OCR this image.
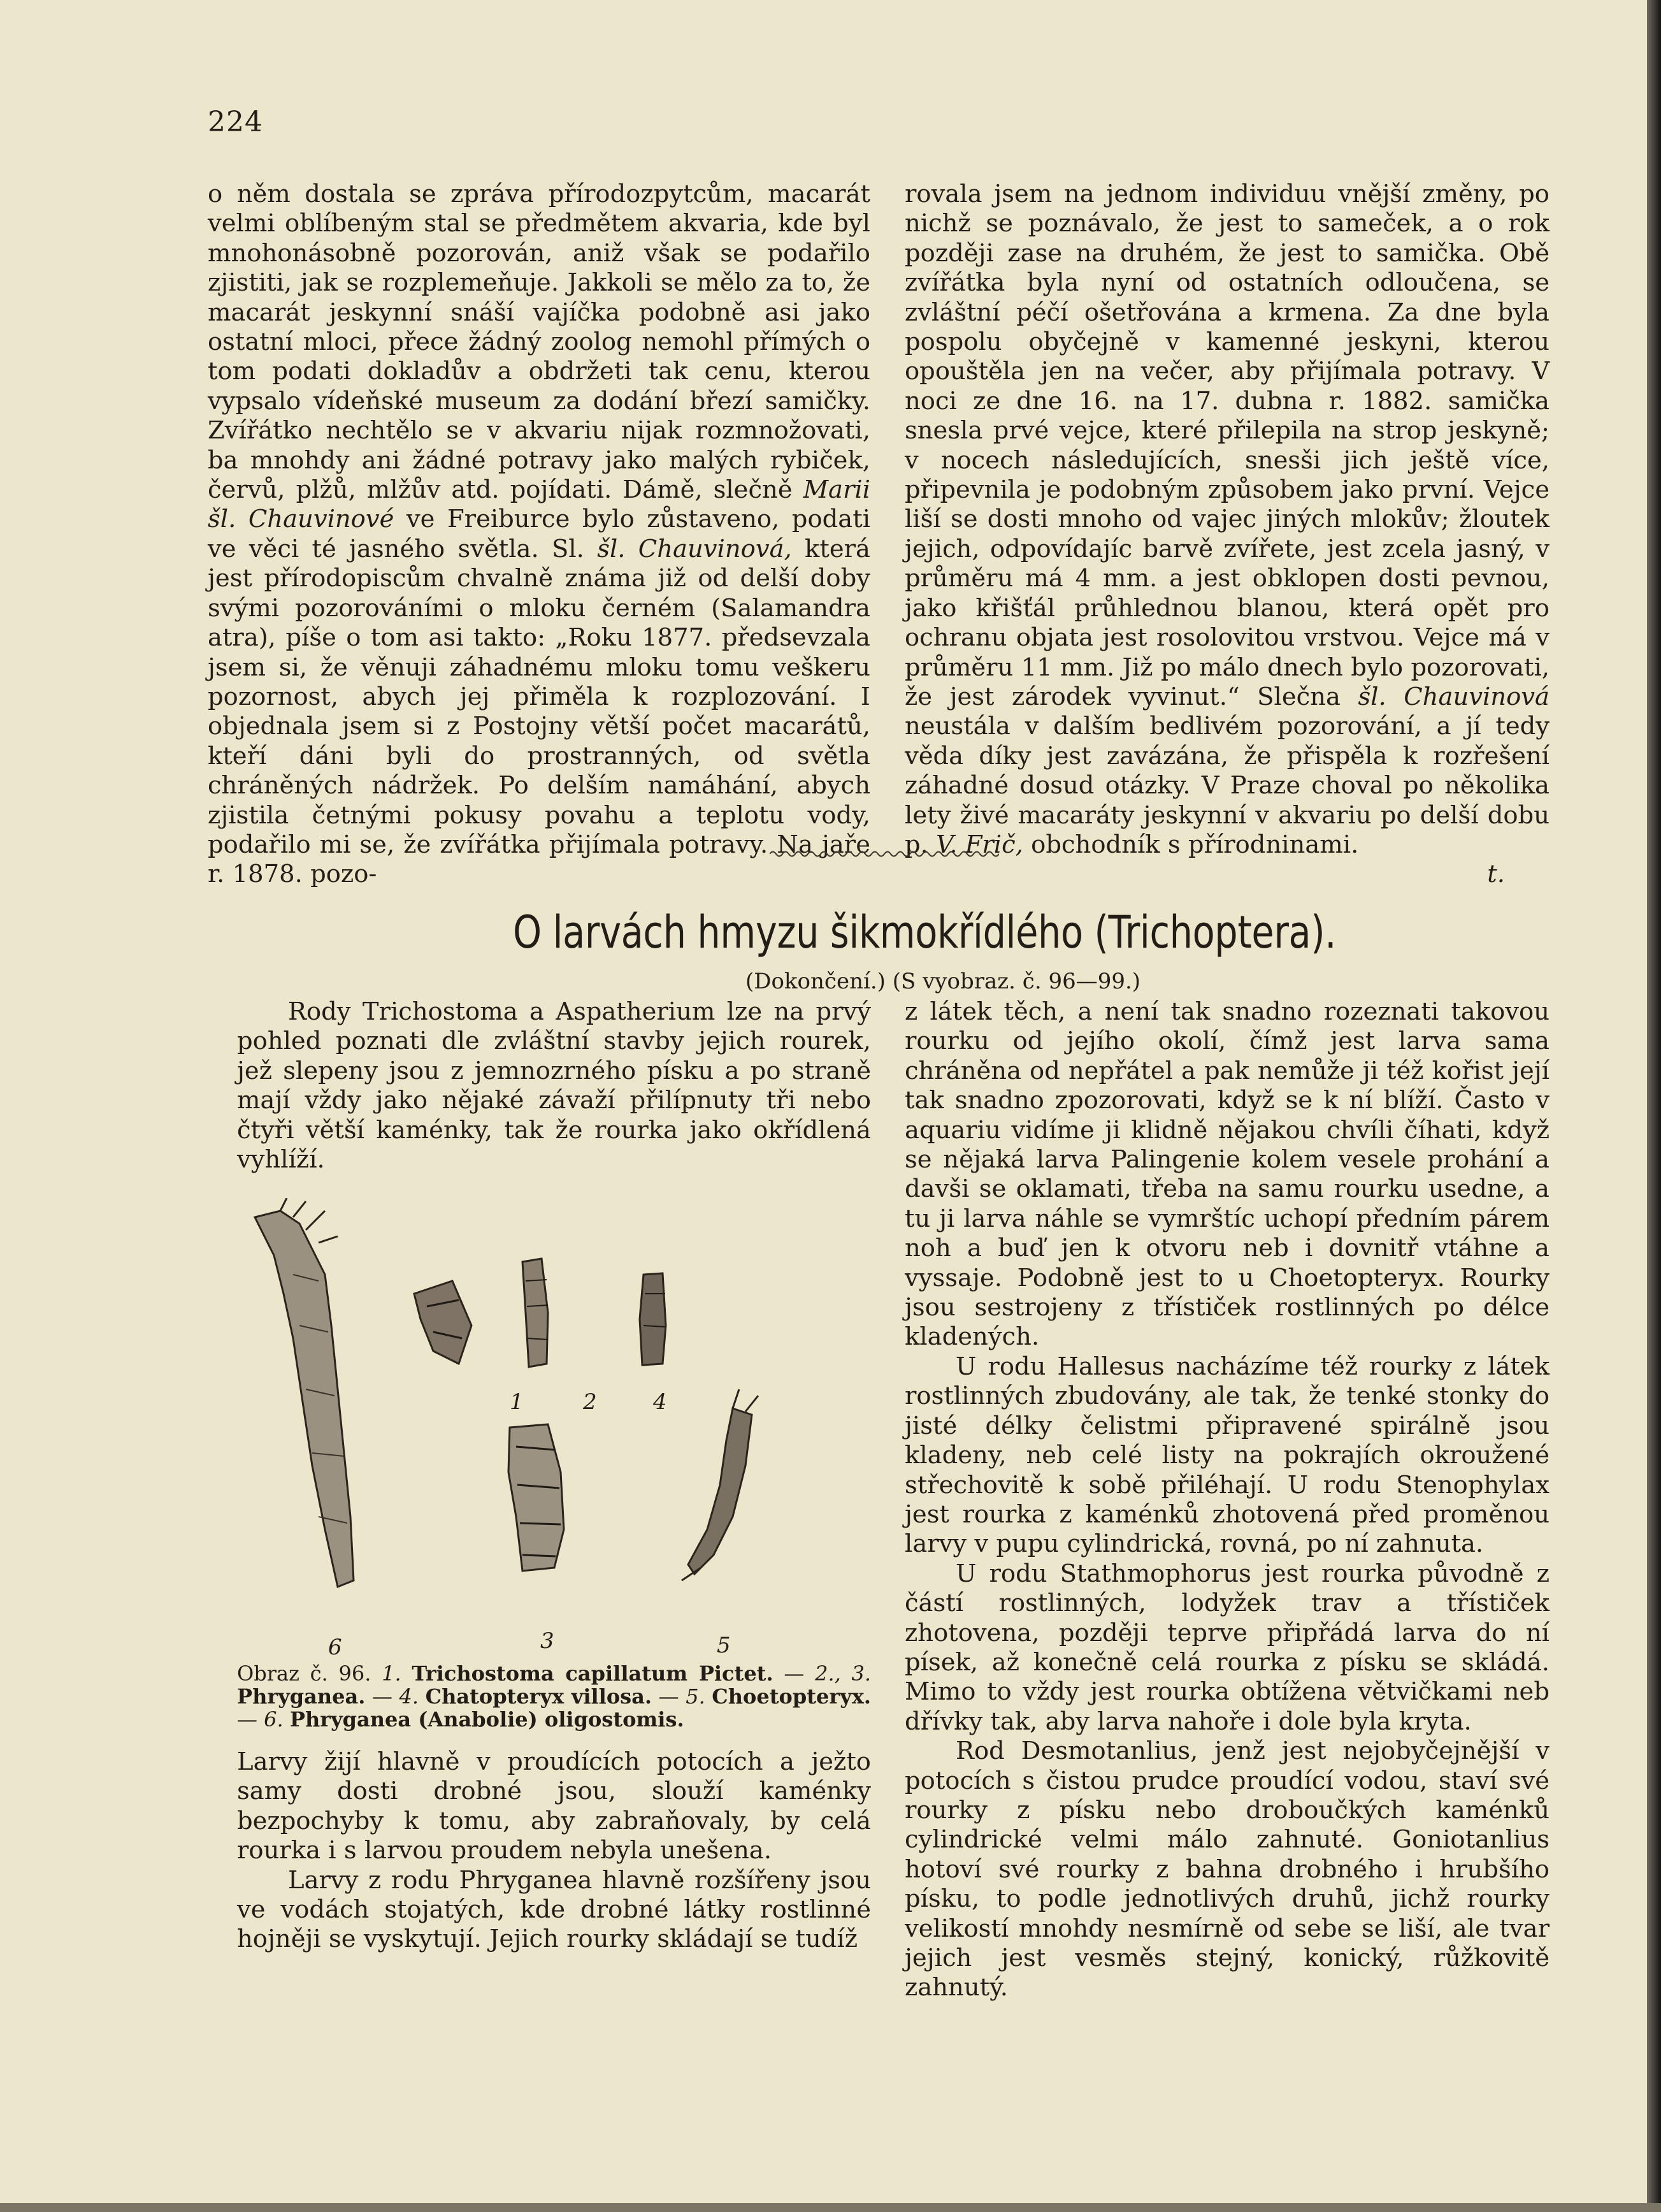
224

o něm dostala se zpráva přírodozpytcům, macarát velmi oblíbeným stal se předmětem akvaria, kde byl mnohonásobně pozorován, aniž však se podařilo zjistiti, jak se rozplemeňuje. Jakkoli se mělo za to, že macarát jeskynní snáší vajíčka podobně asi jako ostatní mloci, přece žádný zoolog nemohl přímých o tom podati dokladův a obdržeti tak cenu, kterou vypsalo vídeňské museum za dodání březí samičky. Zvířátko nechtělo se v akvariu nijak rozmnožovati, ba mnohdy ani žádné potravy jako malých rybiček, červů, plžů, mlžův atd. pojídati. Dámě, slečně Marii šl. Chauvinové ve Freiburce bylo zůstaveno, podati ve věci té jasného světla. Sl. šl. Chauvinová, která jest přírodopiscům chvalně známa již od delší doby svými pozorováními o mloku černém (Salamandra atra), píše o tom asi takto: „Roku 1877. předsevzala jsem si, že věnuji záhadnému mloku tomu veškeru pozornost, abych jej přiměla k rozplozování. I objednala jsem si z Postojny větší počet macarátů, kteří dáni byli do prostranných, od světla chráněných nádržek. Po delším namáhání, abych zjistila četnými pokusy povahu a teplotu vody, podařilo mi se, že zvířátka přijímala potravy. Na jaře r. 1878. pozo-

rovala jsem na jednom individuu vnější změny, po nichž se poznávalo, že jest to sameček, a o rok později zase na druhém, že jest to samička. Obě zvířátka byla nyní od ostatních odloučena, se zvláštní péčí ošetřována a krmena. Za dne byla pospolu obyčejně v kamenné jeskyni, kterou opouštěla jen na večer, aby přijímala potravy. V noci ze dne 16. na 17. dubna r. 1882. samička snesla prvé vejce, které přilepila na strop jeskyně; v nocech následujících, snesši jich ještě více, připevnila je podobným způsobem jako první. Vejce liší se dosti mnoho od vajec jiných mlokův; žloutek jejich, odpovídajíc barvě zvířete, jest zcela jasný, v průměru má 4 mm. a jest obklopen dosti pevnou, jako křišťál průhlednou blanou, která opět pro ochranu objata jest rosolovitou vrstvou. Vejce má v průměru 11 mm. Již po málo dnech bylo pozorovati, že jest zárodek vyvinut.“ Slečna šl. Chauvinová neustála v dalším bedlivém pozorování, a jí tedy věda díky jest zavázána, že přispěla k rozřešení záhadné dosud otázky. V Praze choval po několika lety živé macaráty jeskynní v akvariu po delší dobu p. V. Frič, obchodník s přírodninami.

t.

O larvách hmyzu šikmokřídlého (Trichoptera).
(Dokončení.) (S vyobraz. č. 96—99.)

Rody Trichostoma a Aspatherium lze na prvý pohled poznati dle zvláštní stavby jejich rourek, jež slepeny jsou z jemnozrného písku a po straně mají vždy jako nějaké závaží přilípnuty tři nebo čtyři větší kaménky, tak že rourka jako okřídlená vyhlíží.

1	2	4
6	3	5
Obraz č. 96. 1. Trichostoma capillatum Pictet. — 2., 3. Phryganea. — 4. Chatopteryx villosa. — 5. Choetopteryx. — 6. Phryganea (Anabolie) oligostomis.

Larvy žijí hlavně v proudících potocích a ježto samy dosti drobné jsou, slouží kaménky bezpochyby k tomu, aby zabraňovaly, by celá rourka i s larvou proudem nebyla unešena.

Larvy z rodu Phryganea hlavně rozšířeny jsou ve vodách stojatých, kde drobné látky rostlinné hojněji se vyskytují. Jejich rourky skládají se tudíž

z látek těch, a není tak snadno rozeznati takovou rourku od jejího okolí, čímž jest larva sama chráněna od nepřátel a pak nemůže ji též kořist její tak snadno zpozorovati, když se k ní blíží. Často v aquariu vidíme ji klidně nějakou chvíli číhati, když se nějaká larva Palingenie kolem vesele prohání a davši se oklamati, třeba na samu rourku usedne, a tu ji larva náhle se vymrštíc uchopí předním párem noh a buď jen k otvoru neb i dovnitř vtáhne a vyssaje. Podobně jest to u Choetopteryx. Rourky jsou sestrojeny z třístiček rostlinných po délce kladených.

U rodu Hallesus nacházíme též rourky z látek rostlinných zbudovány, ale tak, že tenké stonky do jisté délky čelistmi připravené spirálně jsou kladeny, neb celé listy na pokrajích okroužené střechovitě k sobě přiléhají. U rodu Stenophylax jest rourka z kaménků zhotovená před proměnou larvy v pupu cylindrická, rovná, po ní zahnuta.

U rodu Stathmophorus jest rourka původně z částí rostlinných, lodyžek trav a třístiček zhotovena, později teprve připřádá larva do ní písek, až konečně celá rourka z písku se skládá. Mimo to vždy jest rourka obtížena větvičkami neb dřívky tak, aby larva nahoře i dole byla kryta.

Rod Desmotanlius, jenž jest nejobyčejnější v potocích s čistou prudce proudící vodou, staví své rourky z písku nebo droboučkých kaménků cylindrické velmi málo zahnuté. Goniotanlius hotoví své rourky z bahna drobného i hrubšího písku, to podle jednotlivých druhů, jichž rourky velikostí mnohdy nesmírně od sebe se liší, ale tvar jejich jest vesměs stejný, konický, růžkovitě zahnutý.
